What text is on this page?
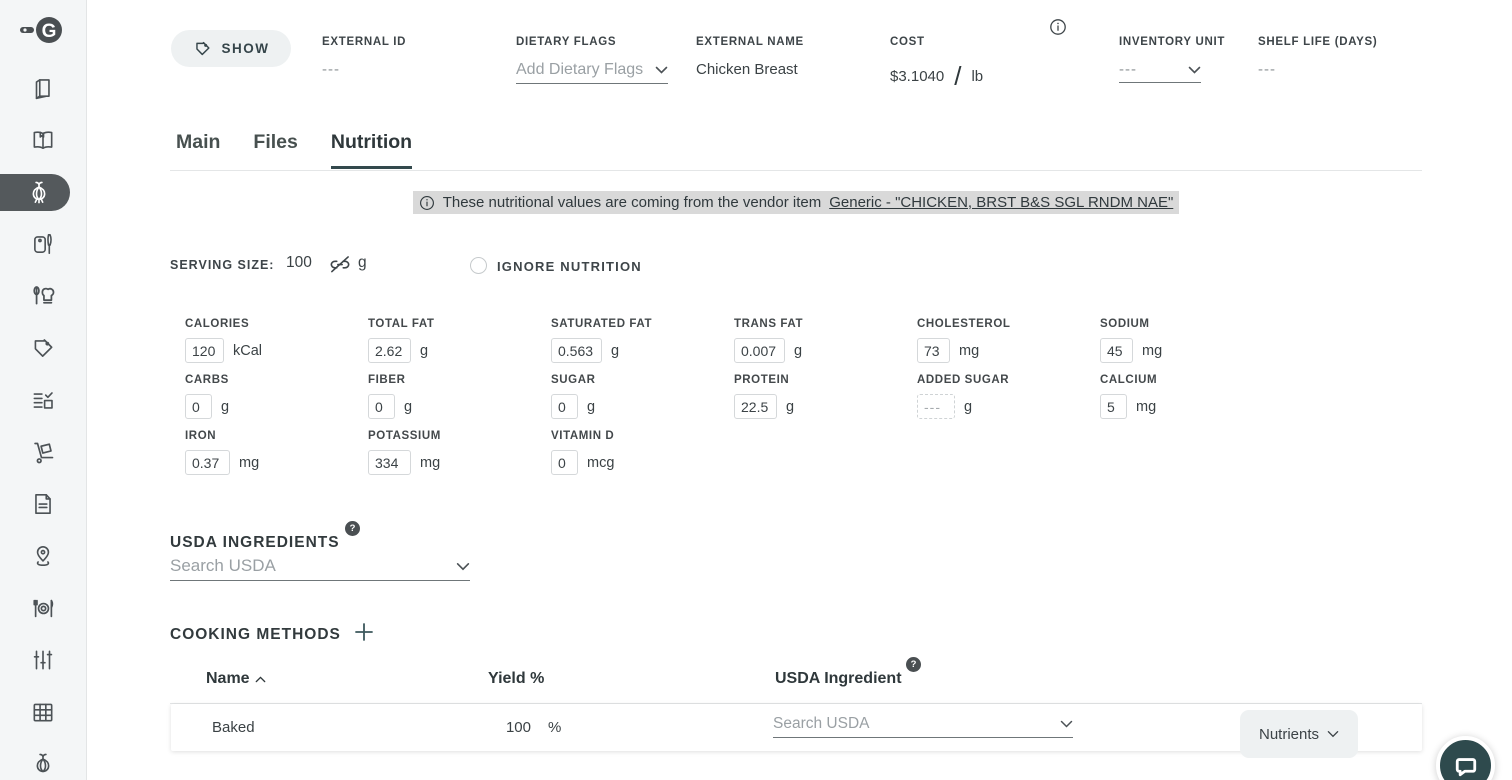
G
SHOW	EXTERNAL ID
---
DIETARY FLAGS
Add Dietary Flags
EXTERNAL NAME
Chicken Breast
COST
$3.1040 / lb
INVENTORY UNIT
---
SHELF LIFE (DAYS)
---
Main Files Nutrition
These nutritional values are coming from the vendor item Generic - "CHICKEN, BRST B&S SGL RNDM NAE"
SERVING SIZE: 100	g	IGNORE NUTRITION
CALORIES
120
kCal
TOTAL FAT
2.62
g
SATURATED FAT
0.563
g
TRANS FAT
0.007
g
CHOLESTEROL
73
mg
SODIUM
45
mg
CARBS
0
g
FIBER
0
g
SUGAR
0
g
PROTEIN
22.5
g
ADDED SUGAR
---
g
CALCIUM
5
mg
IRON
0.37
mg
POTASSIUM
334
mg
VITAMIN D
0
mcg
USDA INGREDIENTS
?
Search USDA
COOKING METHODS
Name	Yield %	USDA Ingredient
?
Baked	100 %	Search USDA
Nutrients
